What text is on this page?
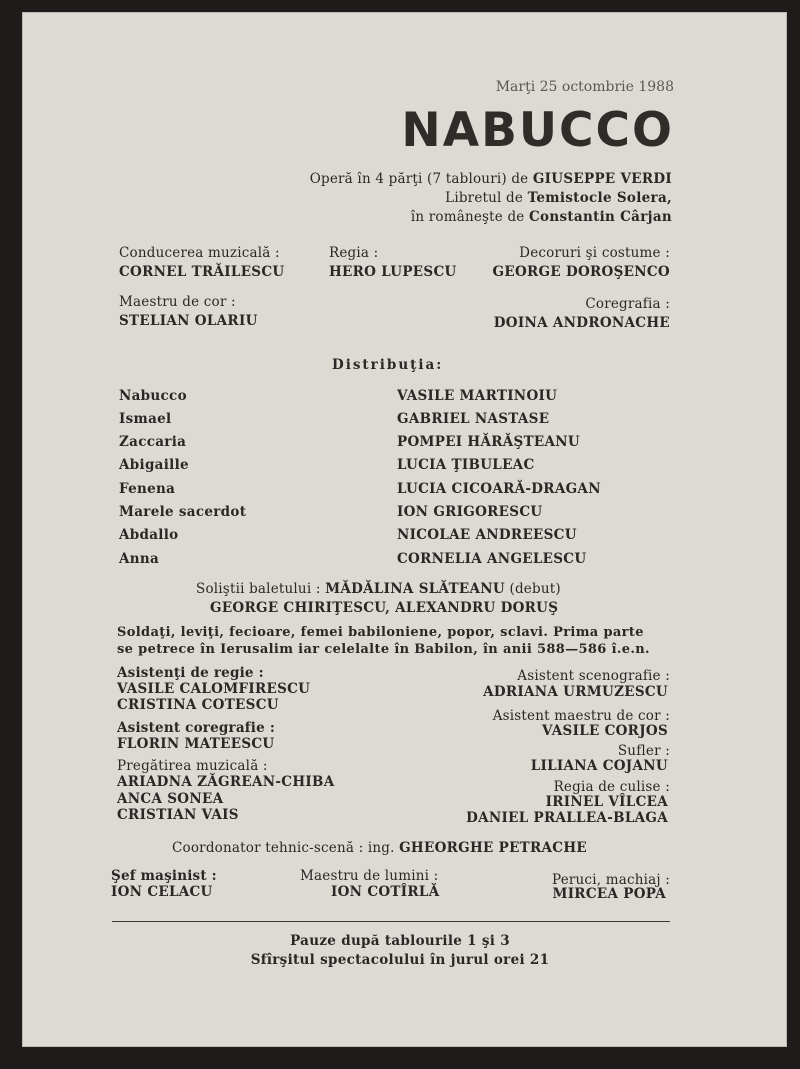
Marţi 25 octombrie 1988
NABUCCO
Operă în 4 părţi (7 tablouri) de GIUSEPPE VERDI
Libretul de Temistocle Solera,
în româneşte de Constantin Cârjan
Conducerea muzicală :
CORNEL TRĂILESCU
Regia :
HERO LUPESCU
Decoruri şi costume :
GEORGE DOROŞENCO
Maestru de cor :
STELIAN OLARIU
Coregrafia :
DOINA ANDRONACHE
Distribuţia:
Nabucco	VASILE MARTINOIU
Ismael	GABRIEL NASTASE
Zaccaria	POMPEI HĂRĂŞTEANU
Abigaille	LUCIA ŢIBULEAC
Fenena	LUCIA CICOARĂ-DRAGAN
Marele sacerdot	ION GRIGORESCU
Abdallo	NICOLAE ANDREESCU
Anna	CORNELIA ANGELESCU
Soliştii baletului : MĂDĂLINA SLĂTEANU (debut)
GEORGE CHIRIŢESCU, ALEXANDRU DORUŞ
Soldaţi, leviţi, fecioare, femei babiloniene, popor, sclavi. Prima parte
se petrece în Ierusalim iar celelalte în Babilon, în anii 588—586 î.e.n.
Asistenţi de regie :
VASILE CALOMFIRESCU
CRISTINA COTESCU
Asistent coregrafie :
FLORIN MATEESCU
Pregătirea muzicală :
ARIADNA ZĂGREAN-CHIBA
ANCA SONEA
CRISTIAN VAIS
Asistent scenografie :
ADRIANA URMUZESCU
Asistent maestru de cor :
VASILE CORJOS
Sufler :
LILIANA COJANU
Regia de culise :
IRINEL VÎLCEA
DANIEL PRALLEA-BLAGA
Coordonator tehnic-scenă : ing. GHEORGHE PETRACHE
Şef maşinist :
ION CELACU
Maestru de lumini :
ION COTÎRLĂ
Peruci, machiaj :
MIRCEA POPA
Pauze după tablourile 1 şi 3
Sfîrşitul spectacolului în jurul orei 21
